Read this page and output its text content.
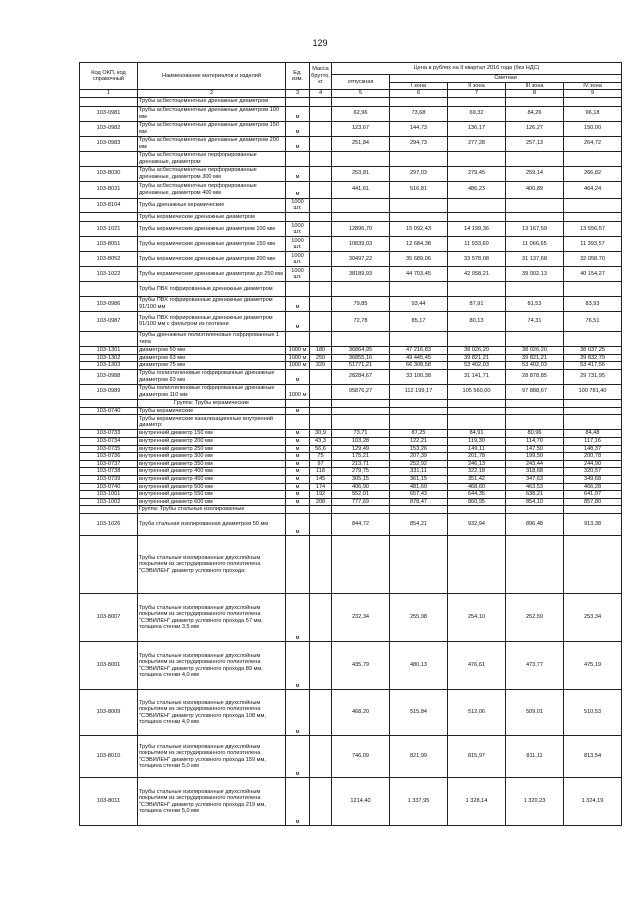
129
Код ОКП, код справочный	Наименование материалов и изделий	Ед. изм.	Масса брутто, кг	Цена в рублях на II квартал 2016 года (без НДС)				
				отпускная	Сметная			
					I зона	II зона	III зона	IV зона
1	2	3	4	5	6	7	8	9
	Трубы асбестоцементные дренажные диаметром							
103-0981	Трубы асбестоцементные дренажные диаметром 100 мм	м		62,96	73,68	69,32	84,26	96,18
103-0982	Трубы асбестоцементные дренажные диаметром 150 мм	м		123,67	144,73	136,17	126,27	150,00
103-0983	Трубы асбестоцементные дренажные диаметром 200 мм	м		251,84	294,73	277,28	257,13	264,72
	Трубы асбестоцементные перфорированные дренажные, диаметром							
103-8030	Трубы асбестоцементные перфорированные дренажные, диаметром 300 мм	м		253,81	297,03	279,45	259,14	266,82
103-8031	Трубы асбестоцементные перфорированные дренажные, диаметром 400 мм	м		441,61	516,81	486,23	400,89	464,24
103-8104	Трубы дренажные керамические	1000 шт.						
	Трубы керамические дренажные диаметром							
103-1021	Трубы керамические дренажные диаметром 100 мм	1000 шт.		12896,70	15 092,43	14 199,36	13 167,59	13 556,57
103-8051	Трубы керамические дренажные диаметром 150 мм	1000 шт.		10839,03	12 684,38	11 933,60	11 066,65	11 393,57
103-8052	Трубы керамические дренажные диаметром 200 мм	1000 шт.		30497,22	35 689,06	33 578,08	31 137,68	32 058,70
103-1022	Трубы керамические дренажные диаметром до 250 мм	1000 шт.		38189,93	44 703,45	42 058,21	39 002,13	40 154,27
	Трубы ПВХ гофрированные дренажные диаметром							
103-0986	Трубы ПВХ гофрированные дренажные диаметром 91/100 мм	м		79,85	93,44	87,91	81,53	83,93
103-0987	Трубы ПВХ гофрированные дренажные диаметром 91/100 мм с фильтром из геоткани	м		72,78	85,17	80,13	74,31	76,51
	Трубы дренажные полиэтиленовые гофрированные 1 типа							
103-1301	диаметром 50 мм	1000 м	180	36864,95	47 216,83	38 026,20	38 026,20	38 037,25
103-1302	диаметром 63 мм	1000 м	250	36855,16	49 445,45	39 821,21	39 821,21	39 832,79
103-1303	диаметром 75 мм	1000 м	320	51771,21	66 308,58	53 402,03	53 402,03	53 417,56
103-0988	Трубы полиэтиленовые гофрированные дренажные диаметром 63 мм	м		28284,67	33 100,38	31 141,71	28 878,85	29 731,95
103-0989	Трубы полиэтиленовые гофрированные дренажные диаметром 110 мм	1000 м		95876,27	112 199,17	105 560,00	97 888,67	100 781,40
	Группа: Трубы керамические							
103-0740	Трубы керамические	м						
	Трубы керамические канализационные внутренний диаметр:							
103-0733	внутренний диаметр 150 мм	м	30,9	73,71	87,25	84,91	80,96	84,48
103-0734	внутренний диаметр 200 мм	м	43,3	103,28	122,21	119,30	114,70	117,16
103-0735	внутренний диаметр 250 мм	м	56,6	129,49	153,26	149,11	147,50	148,37
103-0736	внутренний диаметр 300 мм	м	75	175,21	207,39	201,78	199,50	200,78
103-0737	внутренний диаметр 350 мм	м	97	213,71	252,92	246,13	243,44	244,90
103-0738	внутренний диаметр 400 мм	м	118	279,75	331,11	322,18	318,68	320,57
103-0739	внутренний диаметр 450 мм	м	145	305,15	361,15	351,42	347,63	349,68
103-0740	внутренний диаметр 500 мм	м	174	406,90	481,60	468,60	463,53	466,28
103-1001	внутренний диаметр 550 мм	м	192	552,01	657,43	644,35	638,21	641,97
103-1002	внутренний диаметр 600 мм	м	208	777,69	878,47	860,95	854,10	857,80
	Группа: Трубы стальные изолированные							
103-1026	Труба стальная изолированная диаметром 50 мм	м		844,72	854,21	932,94	896,48	913,38
	Трубы стальные изолированные двухслойным покрытием из экструдированного полиэтилена "СЭВИЛЕН" диаметр условного прохода:							
103-8007	Трубы стальные изолированные двухслойным покрытием из экструдированного полиэтилена "СЭВИЛЕН" диаметр условного прохода 57 мм, толщина стенки 3,5 мм	м		232,34	255,98	254,10	252,59	253,34
103-8001	Трубы стальные изолированные двухслойным покрытием из экструдированного полиэтилена "СЭВИЛЕН" диаметр условного прохода 89 мм, толщина стенки 4,0 мм	м		435,79	480,13	476,61	473,77	475,19
103-8009	Трубы стальные изолированные двухслойным покрытием из экструдированного полиэтилена "СЭВИЛЕН" диаметр условного прохода 108 мм, толщина стенки 4,0 мм	м		468,20	515,84	512,06	509,01	510,53
103-8010	Трубы стальные изолированные двухслойным покрытием из экструдированного полиэтилена "СЭВИЛЕН" диаметр условного прохода 159 мм, толщина стенки 5,0 мм	м		746,09	821,99	815,97	811,11	813,54
103-8011	Трубы стальные изолированные двухслойным покрытием из экструдированного полиэтилена "СЭВИЛЕН" диаметр условного прохода 219 мм, толщина стенки 5,0 мм	м		1214,40	1 337,95	1 328,14	1 320,23	1 324,19
